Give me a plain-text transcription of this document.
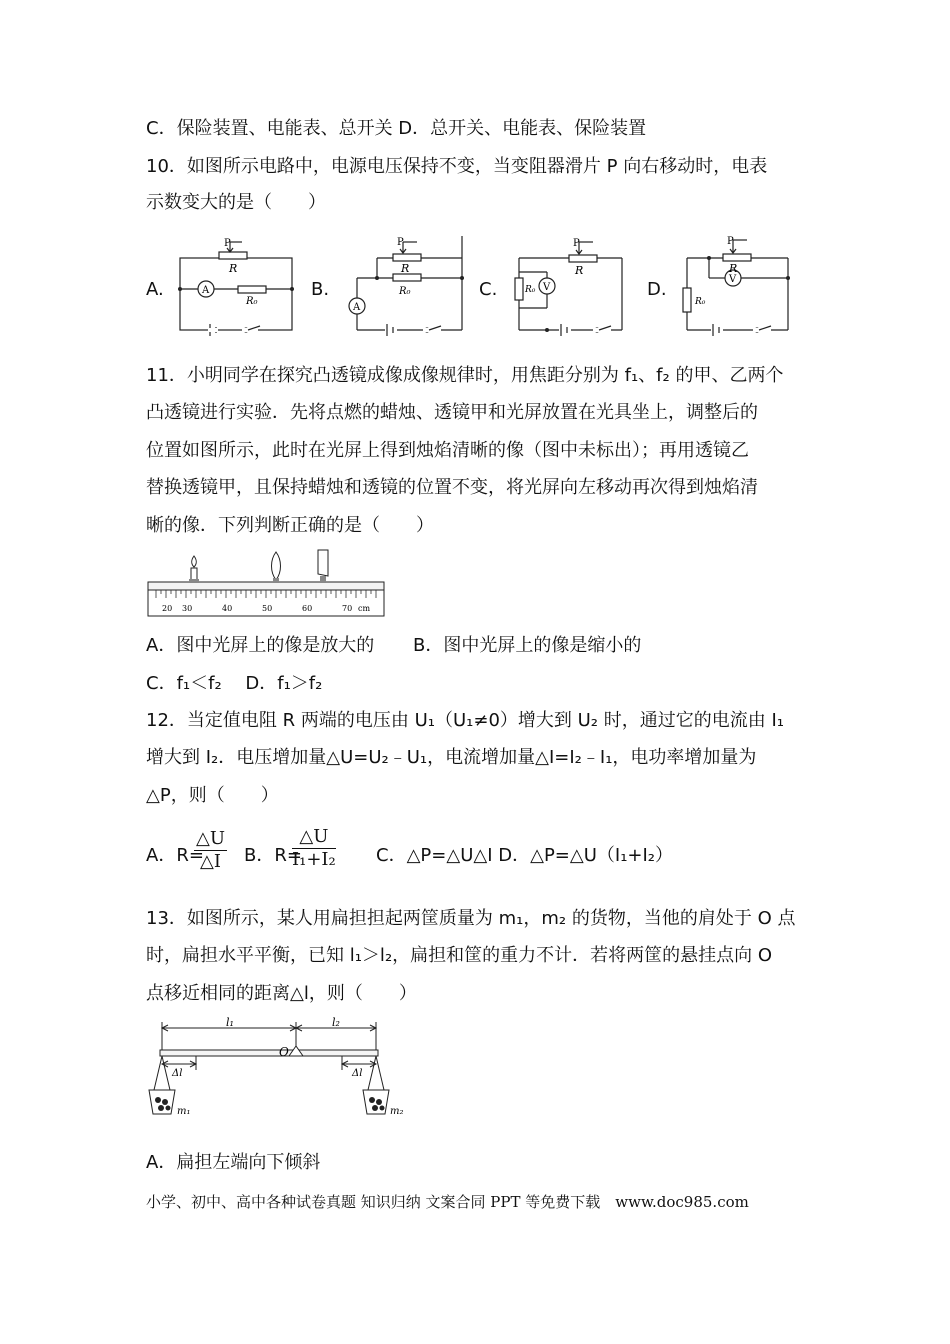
C．保险装置、电能表、总开关 D．总开关、电能表、保险装置
10．如图所示电路中，电源电压保持不变，当变阻器滑片 P 向右移动时，电表
示数变大的是（　　）
A.	B.	C.	D.
P
R
A
R₀
P
R
A
R₀
P
R
V
R₀
P
R
V
R₀
11．小明同学在探究凸透镜成像成像规律时，用焦距分别为 f₁、f₂ 的甲、乙两个
凸透镜进行实验．先将点燃的蜡烛、透镜甲和光屏放置在光具坐上，调整后的
位置如图所示，此时在光屏上得到烛焰清晰的像（图中未标出）；再用透镜乙
替换透镜甲，且保持蜡烛和透镜的位置不变，将光屏向左移动再次得到烛焰清
晰的像．下列判断正确的是（　　）
20 30	40	50	60	70 cm
A．图中光屏上的像是放大的 B．图中光屏上的像是缩小的
C．f₁＜f₂　 D．f₁＞f₂
12．当定值电阻 R 两端的电压由 U₁（U₁≠0）增大到 U₂ 时，通过它的电流由 I₁
增大到 I₂．电压增加量△U=U₂﹣U₁，电流增加量△I=I₂﹣I₁，电功率增加量为
△P，则（　　）
A．R=
$\frac{\triangle U}{\triangle I}$ B．R=
$\frac{\triangle U}{\text{I₁+I₂}}$ C．△P=△U△I D．△P=△U（I₁+I₂）
13．如图所示，某人用扁担担起两筐质量为 m₁，m₂ 的货物，当他的肩处于 O 点
时，扁担水平平衡，已知 l₁＞l₂，扁担和筐的重力不计．若将两筐的悬挂点向 O
点移近相同的距离△l，则（　　）
l₁	l₂
O
Δl	Δl
m₁	m₂
A．扁担左端向下倾斜
小学、初中、高中各种试卷真题 知识归纳 文案合同 PPT 等免费下载　www.doc985.com
